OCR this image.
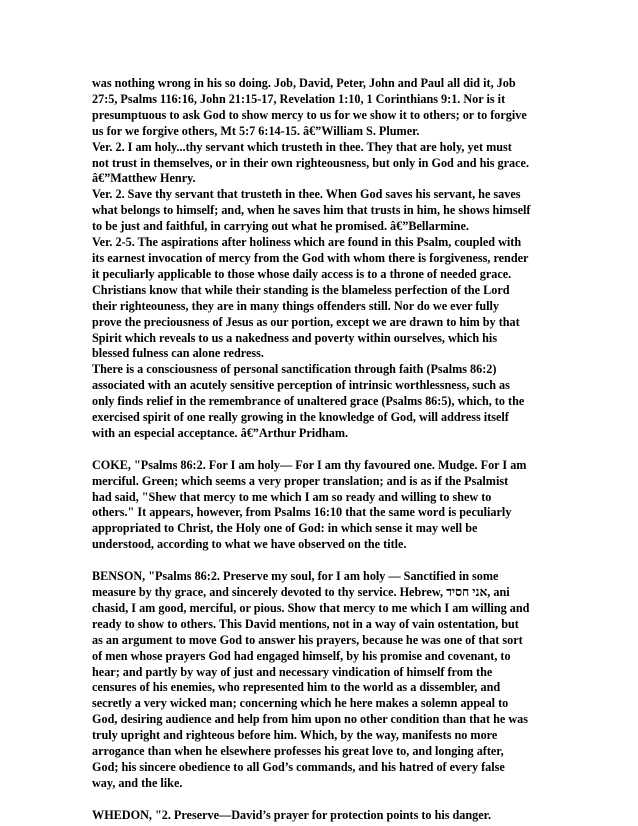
was nothing wrong in his so doing. Job, David, Peter, John and Paul all did it, Job
27:5, Psalms 116:16, John 21:15-17, Revelation 1:10, 1 Corinthians 9:1. Nor is it
presumptuous to ask God to show mercy to us for we show it to others; or to forgive
us for we forgive others, Mt 5:7 6:14-15. â€”William S. Plumer.

Ver. 2. I am holy...thy servant which trusteth in thee. They that are holy, yet must
not trust in themselves, or in their own righteousness, but only in God and his grace.
â€”Matthew Henry.

Ver. 2. Save thy servant that trusteth in thee. When God saves his servant, he saves
what belongs to himself; and, when he saves him that trusts in him, he shows himself
to be just and faithful, in carrying out what he promised. â€”Bellarmine.

Ver. 2-5. The aspirations after holiness which are found in this Psalm, coupled with
its earnest invocation of mercy from the God with whom there is forgiveness, render
it peculiarly applicable to those whose daily access is to a throne of needed grace.
Christians know that while their standing is the blameless perfection of the Lord
their righteouness, they are in many things offenders still. Nor do we ever fully
prove the preciousness of Jesus as our portion, except we are drawn to him by that
Spirit which reveals to us a nakedness and poverty within ourselves, which his
blessed fulness can alone redress.

There is a consciousness of personal sanctification through faith (Psalms 86:2)
associated with an acutely sensitive perception of intrinsic worthlessness, such as
only finds relief in the remembrance of unaltered grace (Psalms 86:5), which, to the
exercised spirit of one really growing in the knowledge of God, will address itself
with an especial acceptance. â€”Arthur Pridham.

COKE, "Psalms 86:2. For I am holy— For I am thy favoured one. Mudge. For I am
merciful. Green; which seems a very proper translation; and is as if the Psalmist
had said, "Shew that mercy to me which I am so ready and willing to shew to
others." It appears, however, from Psalms 16:10 that the same word is peculiarly
appropriated to Christ, the Holy one of God: in which sense it may well be
understood, according to what we have observed on the title.

BENSON, "Psalms 86:2. Preserve my soul, for I am holy — Sanctified in some
measure by thy grace, and sincerely devoted to thy service. Hebrew, אני חסיד, ani
chasid, I am good, merciful, or pious. Show that mercy to me which I am willing and
ready to show to others. This David mentions, not in a way of vain ostentation, but
as an argument to move God to answer his prayers, because he was one of that sort
of men whose prayers God had engaged himself, by his promise and covenant, to
hear; and partly by way of just and necessary vindication of himself from the
censures of his enemies, who represented him to the world as a dissembler, and
secretly a very wicked man; concerning which he here makes a solemn appeal to
God, desiring audience and help from him upon no other condition than that he was
truly upright and righteous before him. Which, by the way, manifests no more
arrogance than when he elsewhere professes his great love to, and longing after,
God; his sincere obedience to all God’s commands, and his hatred of every false
way, and the like.

WHEDON, "2. Preserve—David’s prayer for protection points to his danger.
